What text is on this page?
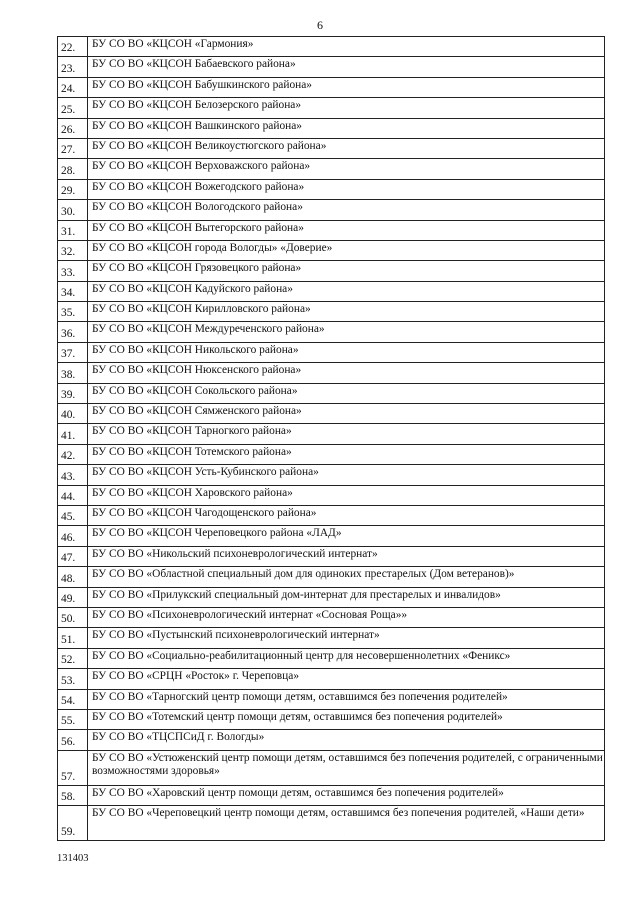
6
22.	БУ СО ВО «КЦСОН «Гармония»
23.	БУ СО ВО «КЦСОН Бабаевского района»
24.	БУ СО ВО «КЦСОН Бабушкинского района»
25.	БУ СО ВО «КЦСОН Белозерского района»
26.	БУ СО ВО «КЦСОН Вашкинского района»
27.	БУ СО ВО «КЦСОН Великоустюгского района»
28.	БУ СО ВО «КЦСОН Верховажского района»
29.	БУ СО ВО «КЦСОН Вожегодского района»
30.	БУ СО ВО «КЦСОН Вологодского района»
31.	БУ СО ВО «КЦСОН Вытегорского района»
32.	БУ СО ВО «КЦСОН города Вологды» «Доверие»
33.	БУ СО ВО «КЦСОН Грязовецкого района»
34.	БУ СО ВО «КЦСОН Кадуйского района»
35.	БУ СО ВО «КЦСОН Кирилловского района»
36.	БУ СО ВО «КЦСОН Междуреченского района»
37.	БУ СО ВО «КЦСОН Никольского района»
38.	БУ СО ВО «КЦСОН Нюксенского района»
39.	БУ СО ВО «КЦСОН Сокольского района»
40.	БУ СО ВО «КЦСОН Сямженского района»
41.	БУ СО ВО «КЦСОН Тарногкого района»
42.	БУ СО ВО «КЦСОН Тотемского района»
43.	БУ СО ВО «КЦСОН Усть-Кубинского района»
44.	БУ СО ВО «КЦСОН Харовского района»
45.	БУ СО ВО «КЦСОН Чагодощенского района»
46.	БУ СО ВО «КЦСОН Череповецкого района «ЛАД»
47.	БУ СО ВО «Никольский психоневрологический интернат»
48.	БУ СО ВО «Областной специальный дом для одиноких престарелых (Дом ветеранов)»
49.	БУ СО ВО «Прилукский специальный дом-интернат для престарелых и инвалидов»
50.	БУ СО ВО «Психоневрологический интернат «Сосновая Роща»»
51.	БУ СО ВО «Пустынский психоневрологический интернат»
52.	БУ СО ВО «Социально-реабилитационный центр для несовершеннолетних «Феникс»
53.	БУ СО ВО «СРЦН «Росток» г. Череповца»
54.	БУ СО ВО «Тарногский центр помощи детям, оставшимся без попечения родителей»
55.	БУ СО ВО «Тотемский центр помощи детям, оставшимся без попечения родителей»
56.	БУ СО ВО «ТЦСПСиД г. Вологды»
57.	БУ СО ВО «Устюженский центр помощи детям, оставшимся без попечения родителей, с ограниченными возможностями здоровья»
58.	БУ СО ВО «Харовский центр помощи детям, оставшимся без попечения родителей»
59.	БУ СО ВО «Череповецкий центр помощи детям, оставшимся без попечения родителей, «Наши дети»
131403
